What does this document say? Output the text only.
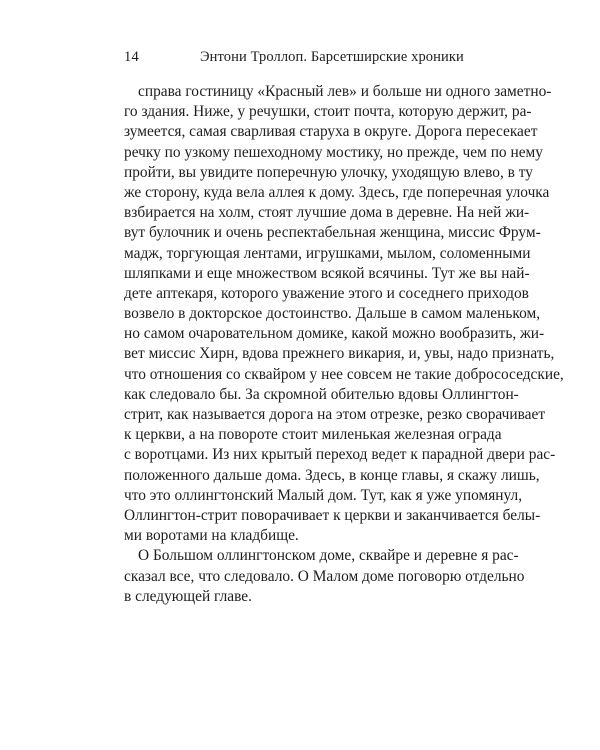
14	Энтони Троллоп. Барсетширские хроники
справа гостиницу «Красный лев» и больше ни одного заметно-
го здания. Ниже, у речушки, стоит почта, которую держит, ра-
зумеется, самая сварливая старуха в округе. Дорога пересекает
речку по узкому пешеходному мостику, но прежде, чем по нему
пройти, вы увидите поперечную улочку, уходящую влево, в ту
же сторону, куда вела аллея к дому. Здесь, где поперечная улочка
взбирается на холм, стоят лучшие дома в деревне. На ней жи-
вут булочник и очень респектабельная женщина, миссис Фрум-
мадж, торгующая лентами, игрушками, мылом, соломенными
шляпками и еще множеством всякой всячины. Тут же вы най-
дете аптекаря, которого уважение этого и соседнего приходов
возвело в докторское достоинство. Дальше в самом маленьком,
но самом очаровательном домике, какой можно вообразить, жи-
вет миссис Хирн, вдова прежнего викария, и, увы, надо признать,
что отношения со сквайром у нее совсем не такие добрососедские,
как следовало бы. За скромной обителью вдовы Оллингтон-
стрит, как называется дорога на этом отрезке, резко сворачивает
к церкви, а на повороте стоит миленькая железная ограда
с воротцами. Из них крытый переход ведет к парадной двери рас-
положенного дальше дома. Здесь, в конце главы, я скажу лишь,
что это оллингтонский Малый дом. Тут, как я уже упомянул,
Оллингтон-стрит поворачивает к церкви и заканчивается белы-
ми воротами на кладбище.
О Большом оллингтонском доме, сквайре и деревне я рас-
сказал все, что следовало. О Малом доме поговорю отдельно
в следующей главе.
